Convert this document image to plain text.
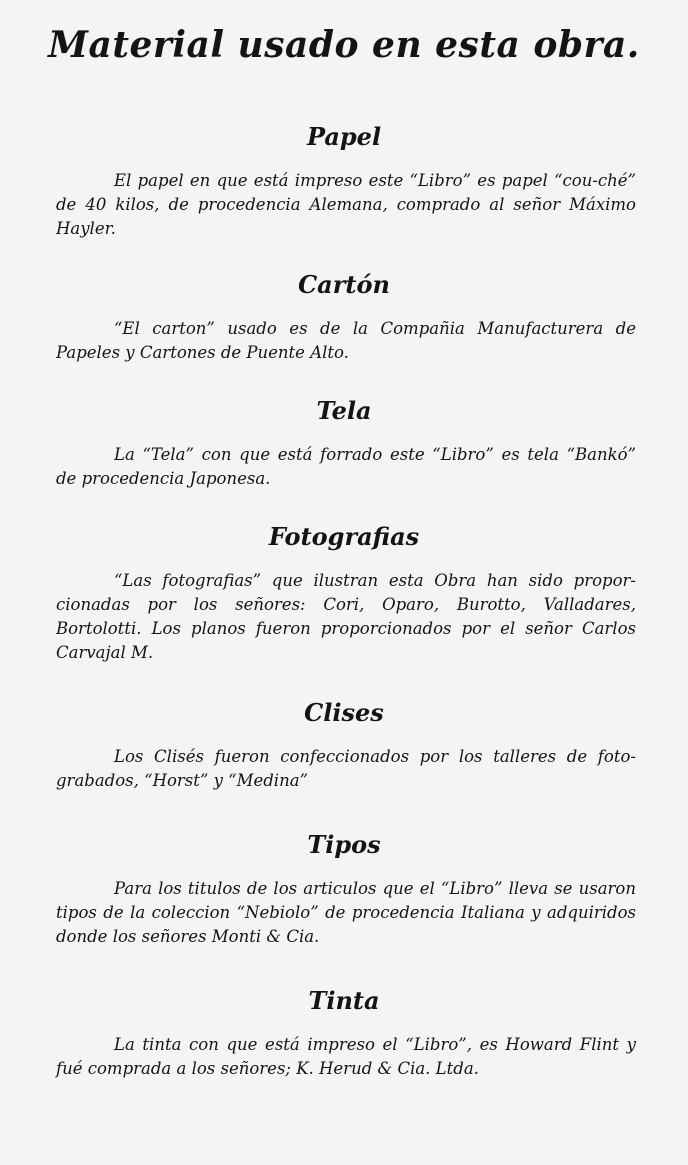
Material usado en esta obra.
Papel

El papel en que está impreso este “Libro” es papel “cou-ché” de 40 kilos, de procedencia Alemana, comprado al señor Máximo Hayler.

Cartón

“El carton” usado es de la Compañia Manufacturera de Papeles y Cartones de Puente Alto.

Tela

La “Tela” con que está forrado este “Libro” es tela “Bankó” de procedencia Japonesa.

Fotografias

“Las fotografias” que ilustran esta Obra han sido propor-cionadas por los señores: Cori, Oparo, Burotto, Valladares, Bortolotti. Los planos fueron proporcionados por el señor Carlos Carvajal M.

Clises

Los Clisés fueron confeccionados por los talleres de foto-grabados, “Horst” y “Medina”

Tipos

Para los titulos de los articulos que el “Libro” lleva se usaron tipos de la coleccion “Nebiolo” de procedencia Italiana y adquiridos donde los señores Monti & Cia.

Tinta

La tinta con que está impreso el “Libro”, es Howard Flint y fué comprada a los señores; K. Herud & Cia. Ltda.
